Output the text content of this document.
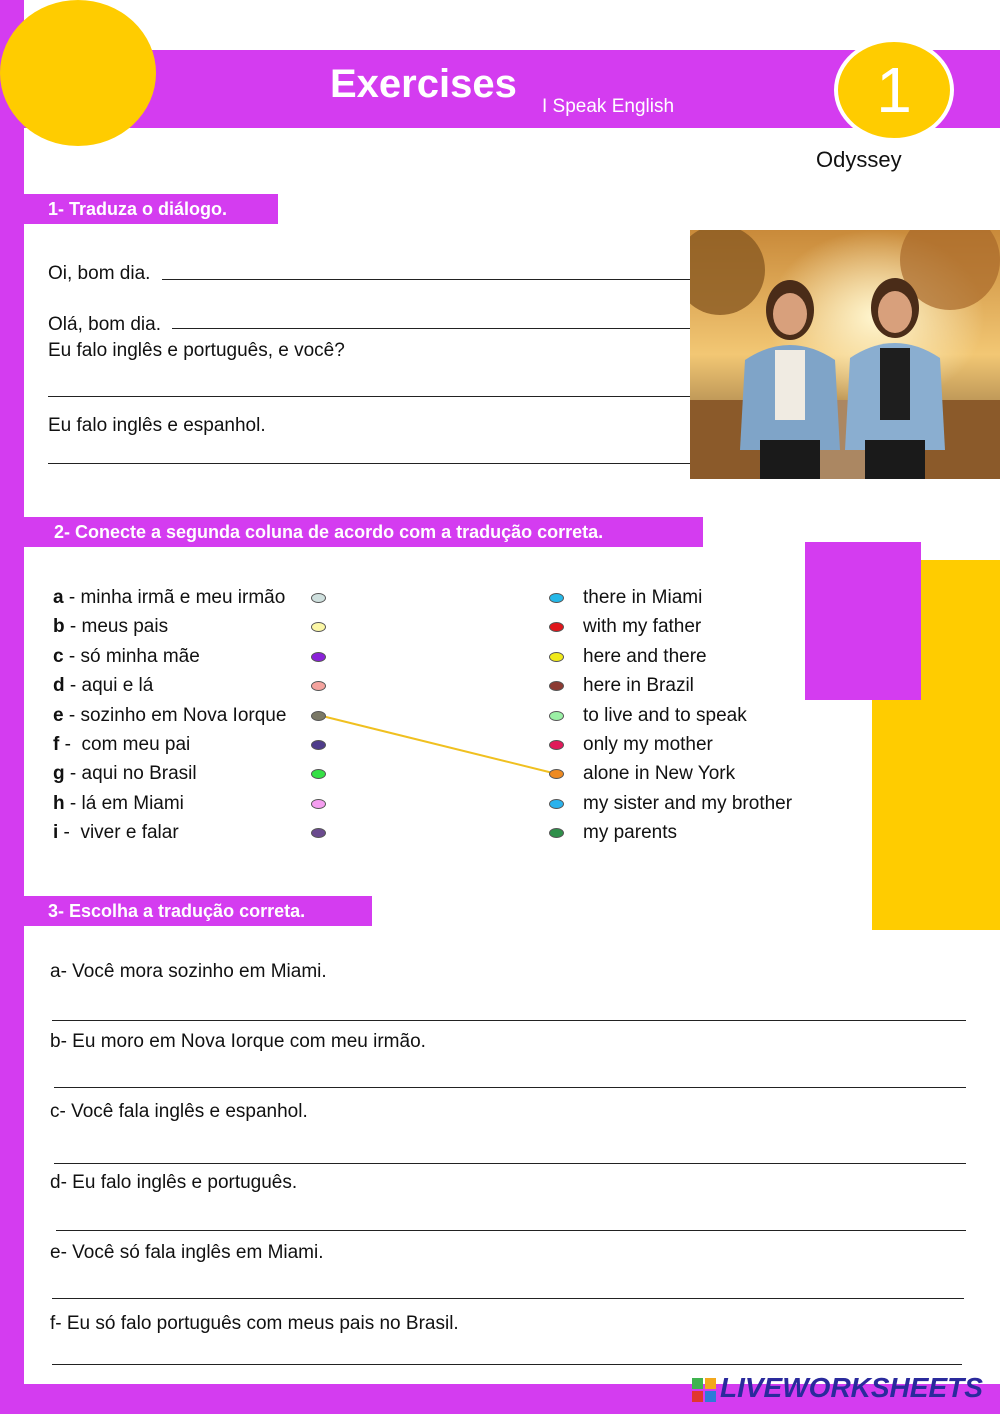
1
Exercises
I Speak English
Odyssey
1- Traduza o diálogo.
Oi, bom dia.
Olá, bom dia.
Eu falo inglês e português, e você?
Eu falo inglês e espanhol.
2- Conecte a segunda coluna de acordo com a tradução correta.
3- Escolha a tradução correta.
a- Você mora sozinho em Miami.
b- Eu moro em Nova Iorque com meu irmão.
c- Você fala inglês e espanhol.
d- Eu falo inglês e português.
e- Você só fala inglês em Miami.
f- Eu só falo português com meus pais no Brasil.
LIVEWORKSHEETS
a - minha irmã e meu irmão
b - meus pais
c - só minha mãe
d - aqui e lá
e - sozinho em Nova Iorque
f -  com meu pai
g - aqui no Brasil
h - lá em Miami
i -  viver e falar
there in Miami
with my father
here and there
here in Brazil
to live and to speak
only my mother
alone in New York
my sister and my brother
my parents
